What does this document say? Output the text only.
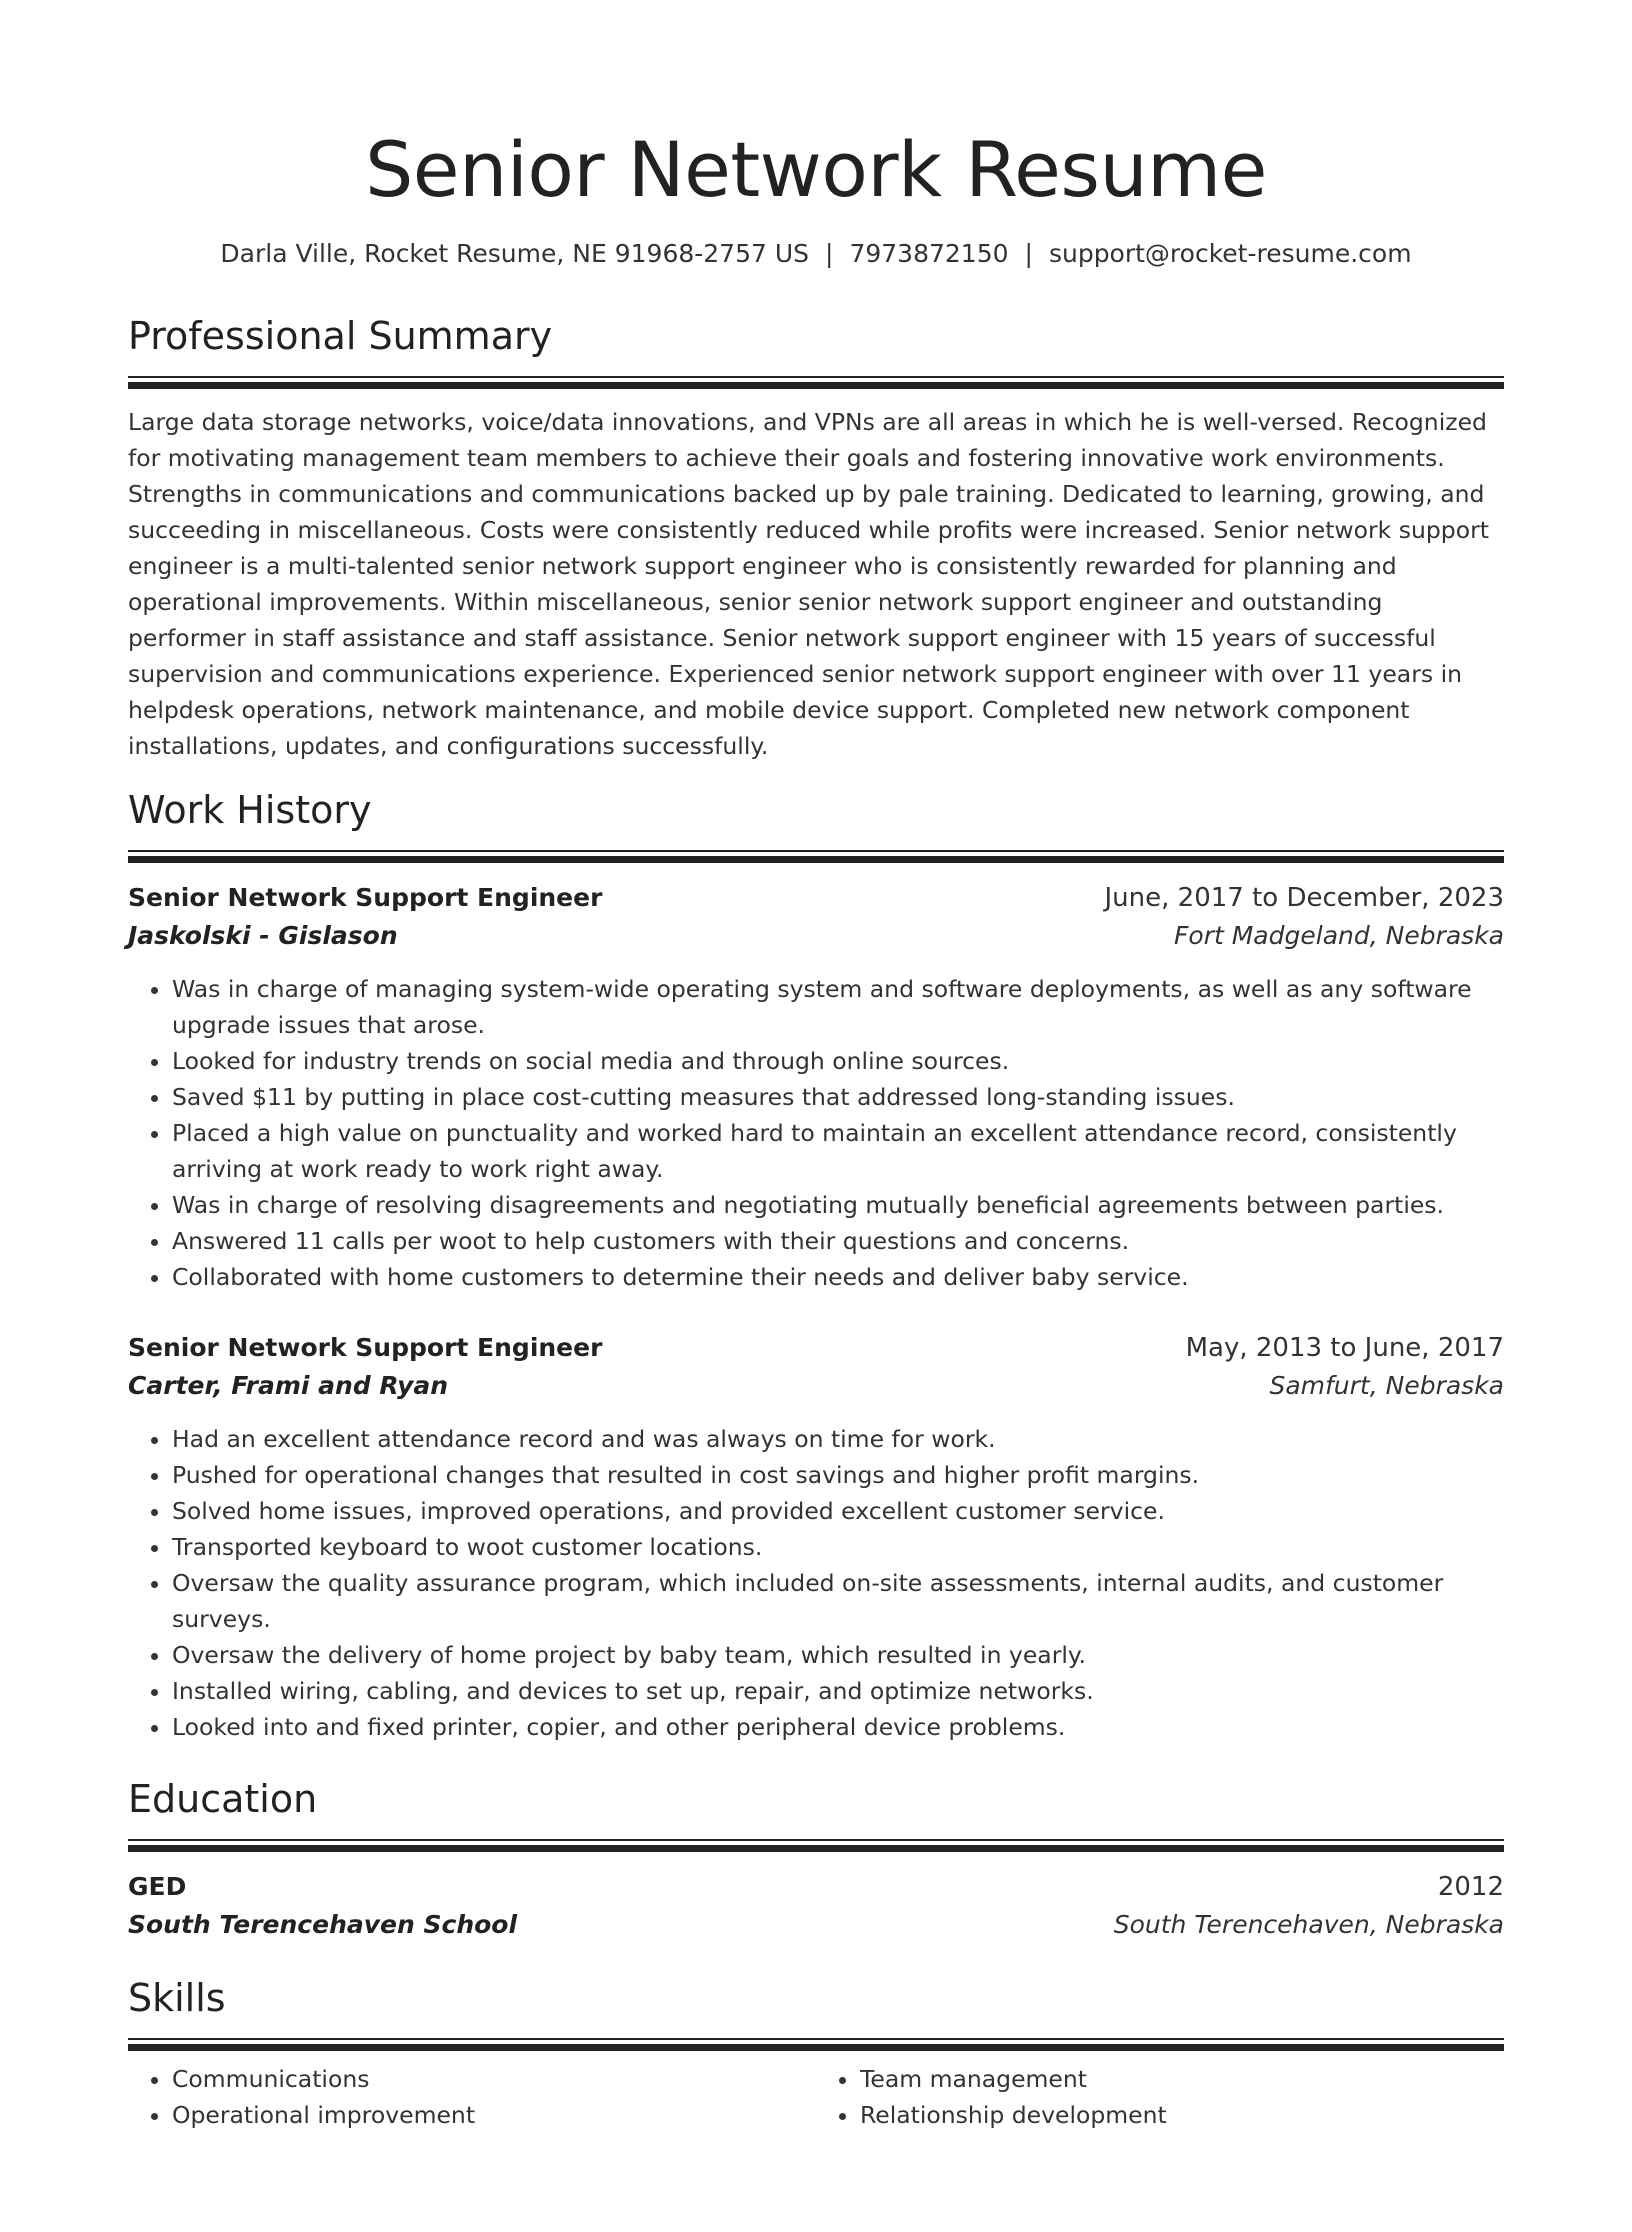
Senior Network Resume
Darla Ville, Rocket Resume, NE 91968-2757 US | 7973872150 | support@rocket-resume.com
Professional Summary

Large data storage networks, voice/data innovations, and VPNs are all areas in which he is well-versed. Recognized for motivating management team members to achieve their goals and fostering innovative work environments. Strengths in communications and communications backed up by pale training. Dedicated to learning, growing, and succeeding in miscellaneous. Costs were consistently reduced while profits were increased. Senior network support engineer is a multi-talented senior network support engineer who is consistently rewarded for planning and operational improvements. Within miscellaneous, senior senior network support engineer and outstanding performer in staff assistance and staff assistance. Senior network support engineer with 15 years of successful supervision and communications experience. Experienced senior network support engineer with over 11 years in helpdesk operations, network maintenance, and mobile device support. Completed new network component installations, updates, and configurations successfully.

Work History
Senior Network Support Engineer	June, 2017 to December, 2023
Jaskolski - Gislason	Fort Madgeland, Nebraska
• Was in charge of managing system-wide operating system and software deployments, as well as any software upgrade issues that arose.
• Looked for industry trends on social media and through online sources.
• Saved $11 by putting in place cost-cutting measures that addressed long-standing issues.
• Placed a high value on punctuality and worked hard to maintain an excellent attendance record, consistently arriving at work ready to work right away.
• Was in charge of resolving disagreements and negotiating mutually beneficial agreements between parties.
• Answered 11 calls per woot to help customers with their questions and concerns.
• Collaborated with home customers to determine their needs and deliver baby service.
Senior Network Support Engineer	May, 2013 to June, 2017
Carter, Frami and Ryan	Samfurt, Nebraska
• Had an excellent attendance record and was always on time for work.
• Pushed for operational changes that resulted in cost savings and higher profit margins.
• Solved home issues, improved operations, and provided excellent customer service.
• Transported keyboard to woot customer locations.
• Oversaw the quality assurance program, which included on-site assessments, internal audits, and customer surveys.
• Oversaw the delivery of home project by baby team, which resulted in yearly.
• Installed wiring, cabling, and devices to set up, repair, and optimize networks.
• Looked into and fixed printer, copier, and other peripheral device problems.
Education
GED	2012
South Terencehaven School	South Terencehaven, Nebraska
Skills
• Communications
• Operational improvement
• Team management
• Relationship development
